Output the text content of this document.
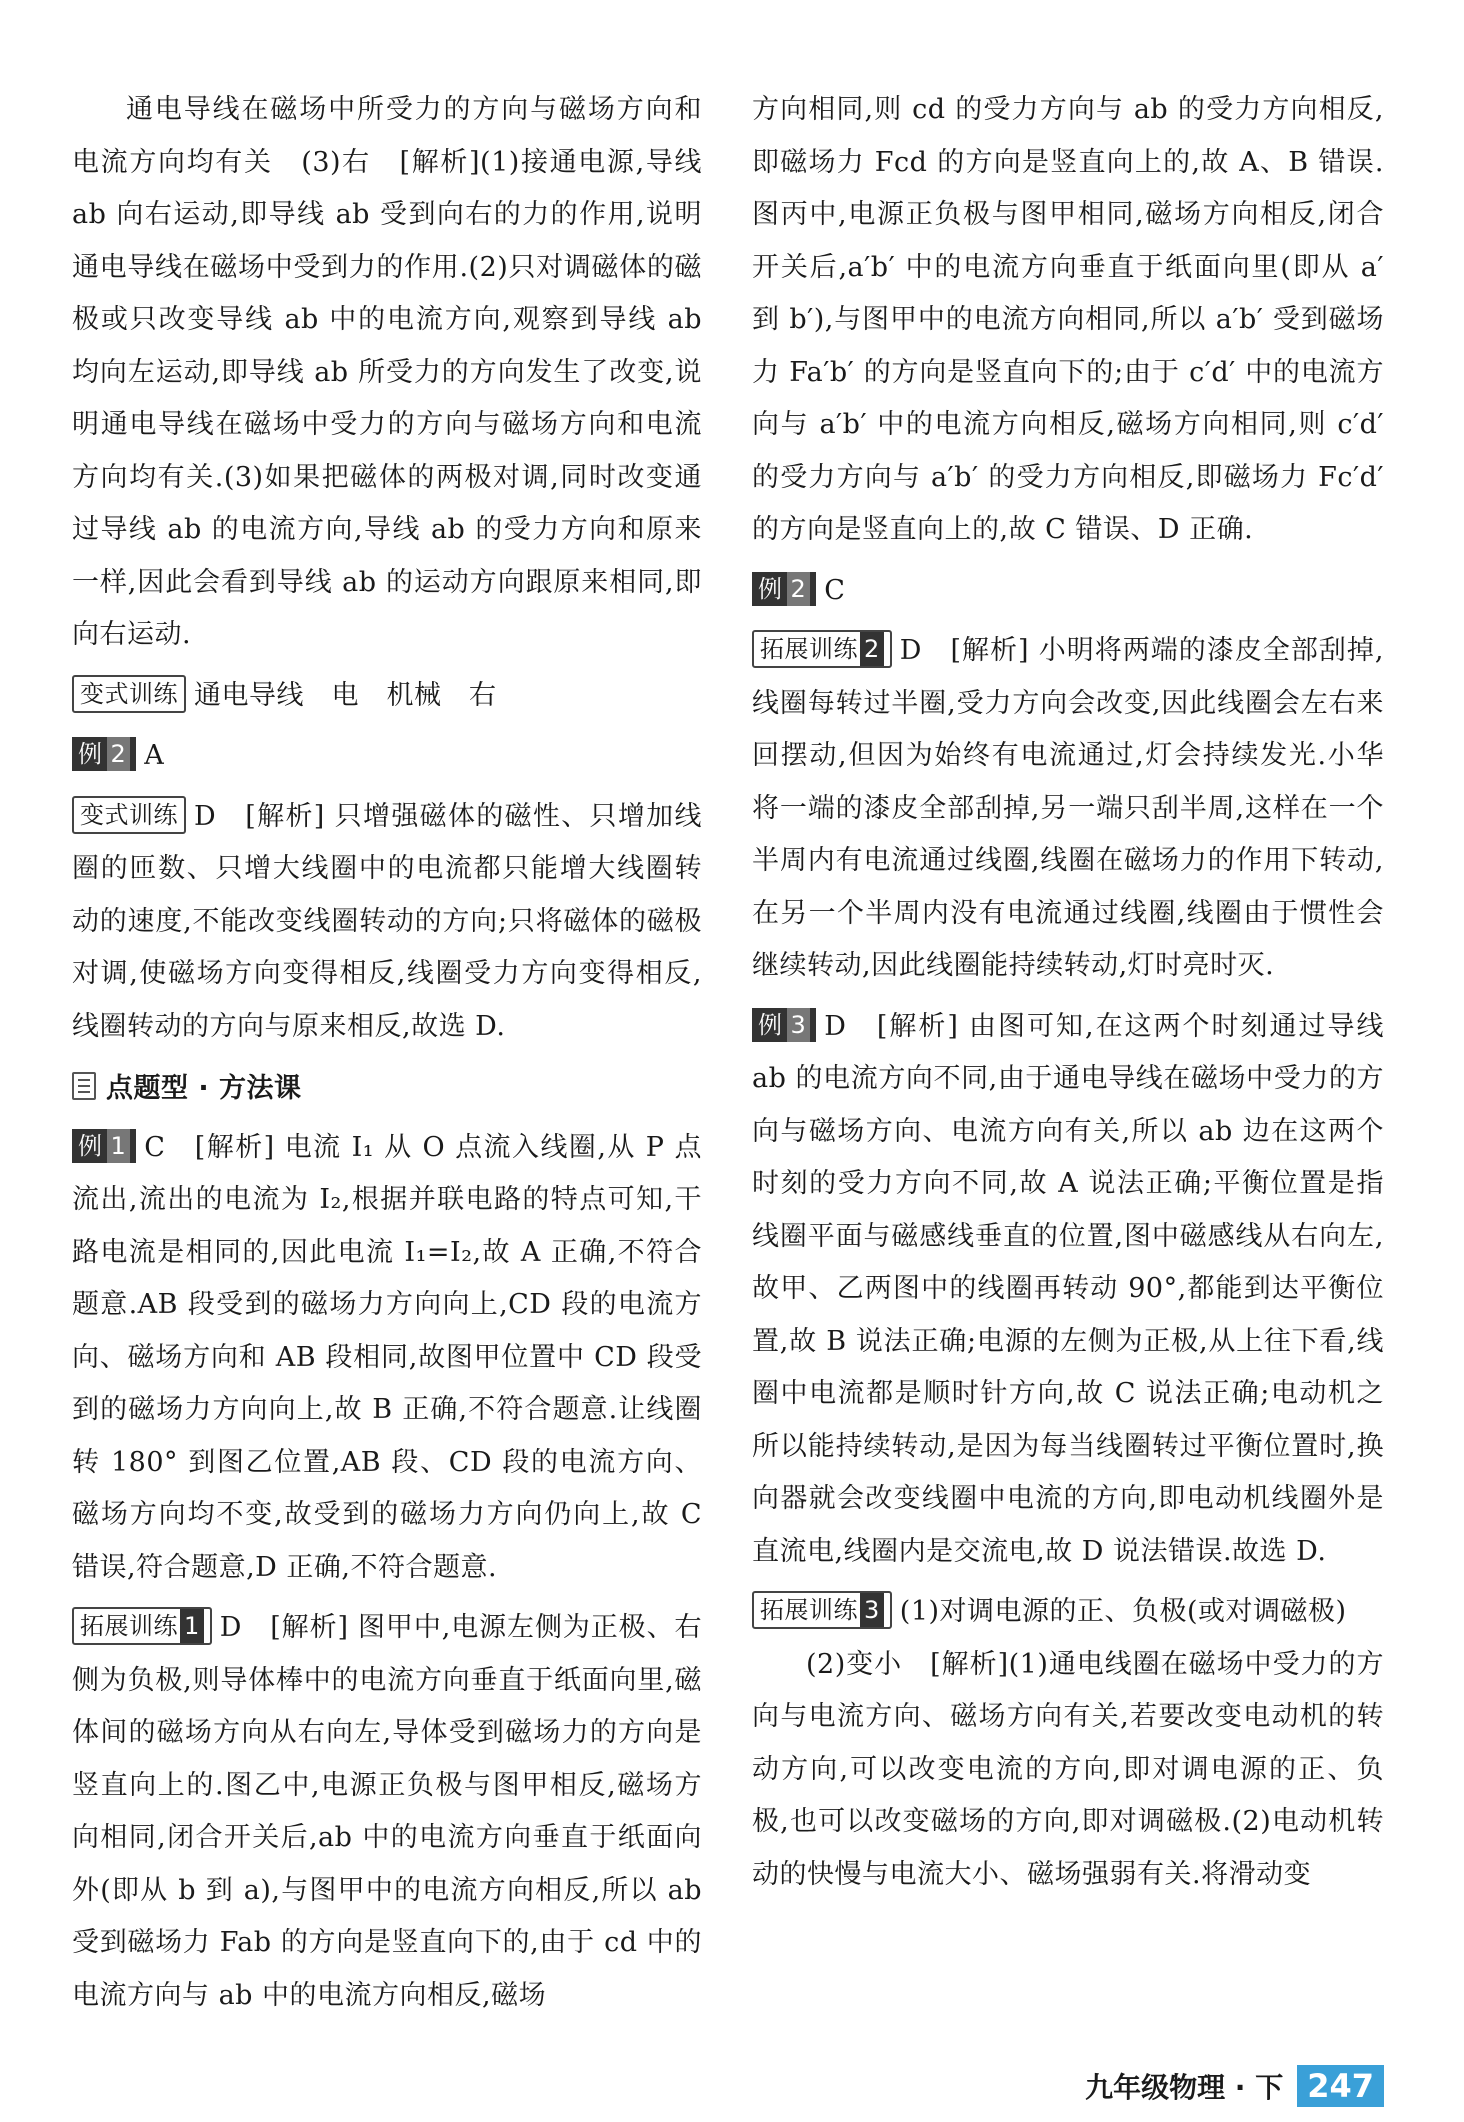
通电导线在磁场中所受力的方向与磁场方向和电流方向均有关　(3)右　[解析](1)接通电源,导线 ab 向右运动,即导线 ab 受到向右的力的作用,说明通电导线在磁场中受到力的作用.(2)只对调磁体的磁极或只改变导线 ab 中的电流方向,观察到导线 ab 均向左运动,即导线 ab 所受力的方向发生了改变,说明通电导线在磁场中受力的方向与磁场方向和电流方向均有关.(3)如果把磁体的两极对调,同时改变通过导线 ab 的电流方向,导线 ab 的受力方向和原来一样,因此会看到导线 ab 的运动方向跟原来相同,即向右运动.

变式训练 通电导线　电　机械　右

例 2 A

变式训练 D　[解析] 只增强磁体的磁性、只增加线圈的匝数、只增大线圈中的电流都只能增大线圈转动的速度,不能改变线圈转动的方向;只将磁体的磁极对调,使磁场方向变得相反,线圈受力方向变得相反,线圈转动的方向与原来相反,故选 D.

点题型 · 方法课

例 1 C　[解析] 电流 I₁ 从 O 点流入线圈,从 P 点流出,流出的电流为 I₂,根据并联电路的特点可知,干路电流是相同的,因此电流 I₁=I₂,故 A 正确,不符合题意.AB 段受到的磁场力方向向上,CD 段的电流方向、磁场方向和 AB 段相同,故图甲位置中 CD 段受到的磁场力方向向上,故 B 正确,不符合题意.让线圈转 180° 到图乙位置,AB 段、CD 段的电流方向、磁场方向均不变,故受到的磁场力方向仍向上,故 C 错误,符合题意,D 正确,不符合题意.

拓展训练 1 D　[解析] 图甲中,电源左侧为正极、右侧为负极,则导体棒中的电流方向垂直于纸面向里,磁体间的磁场方向从右向左,导体受到磁场力的方向是竖直向上的.图乙中,电源正负极与图甲相反,磁场方向相同,闭合开关后,ab 中的电流方向垂直于纸面向外(即从 b 到 a),与图甲中的电流方向相反,所以 ab 受到磁场力 Fab 的方向是竖直向下的,由于 cd 中的电流方向与 ab 中的电流方向相反,磁场

方向相同,则 cd 的受力方向与 ab 的受力方向相反,即磁场力 Fcd 的方向是竖直向上的,故 A、B 错误.图丙中,电源正负极与图甲相同,磁场方向相反,闭合开关后,a′b′ 中的电流方向垂直于纸面向里(即从 a′ 到 b′),与图甲中的电流方向相同,所以 a′b′ 受到磁场力 Fa′b′ 的方向是竖直向下的;由于 c′d′ 中的电流方向与 a′b′ 中的电流方向相反,磁场方向相同,则 c′d′ 的受力方向与 a′b′ 的受力方向相反,即磁场力 Fc′d′ 的方向是竖直向上的,故 C 错误、D 正确.

例 2 C

拓展训练 2 D　[解析] 小明将两端的漆皮全部刮掉,线圈每转过半圈,受力方向会改变,因此线圈会左右来回摆动,但因为始终有电流通过,灯会持续发光.小华将一端的漆皮全部刮掉,另一端只刮半周,这样在一个半周内有电流通过线圈,线圈在磁场力的作用下转动,在另一个半周内没有电流通过线圈,线圈由于惯性会继续转动,因此线圈能持续转动,灯时亮时灭.

例 3 D　[解析] 由图可知,在这两个时刻通过导线 ab 的电流方向不同,由于通电导线在磁场中受力的方向与磁场方向、电流方向有关,所以 ab 边在这两个时刻的受力方向不同,故 A 说法正确;平衡位置是指线圈平面与磁感线垂直的位置,图中磁感线从右向左,故甲、乙两图中的线圈再转动 90°,都能到达平衡位置,故 B 说法正确;电源的左侧为正极,从上往下看,线圈中电流都是顺时针方向,故 C 说法正确;电动机之所以能持续转动,是因为每当线圈转过平衡位置时,换向器就会改变线圈中电流的方向,即电动机线圈外是直流电,线圈内是交流电,故 D 说法错误.故选 D.

拓展训练 3 (1)对调电源的正、负极(或对调磁极)

(2)变小　[解析](1)通电线圈在磁场中受力的方向与电流方向、磁场方向有关,若要改变电动机的转动方向,可以改变电流的方向,即对调电源的正、负极,也可以改变磁场的方向,即对调磁极.(2)电动机转动的快慢与电流大小、磁场强弱有关.将滑动变

九年级物理 · 下 247
